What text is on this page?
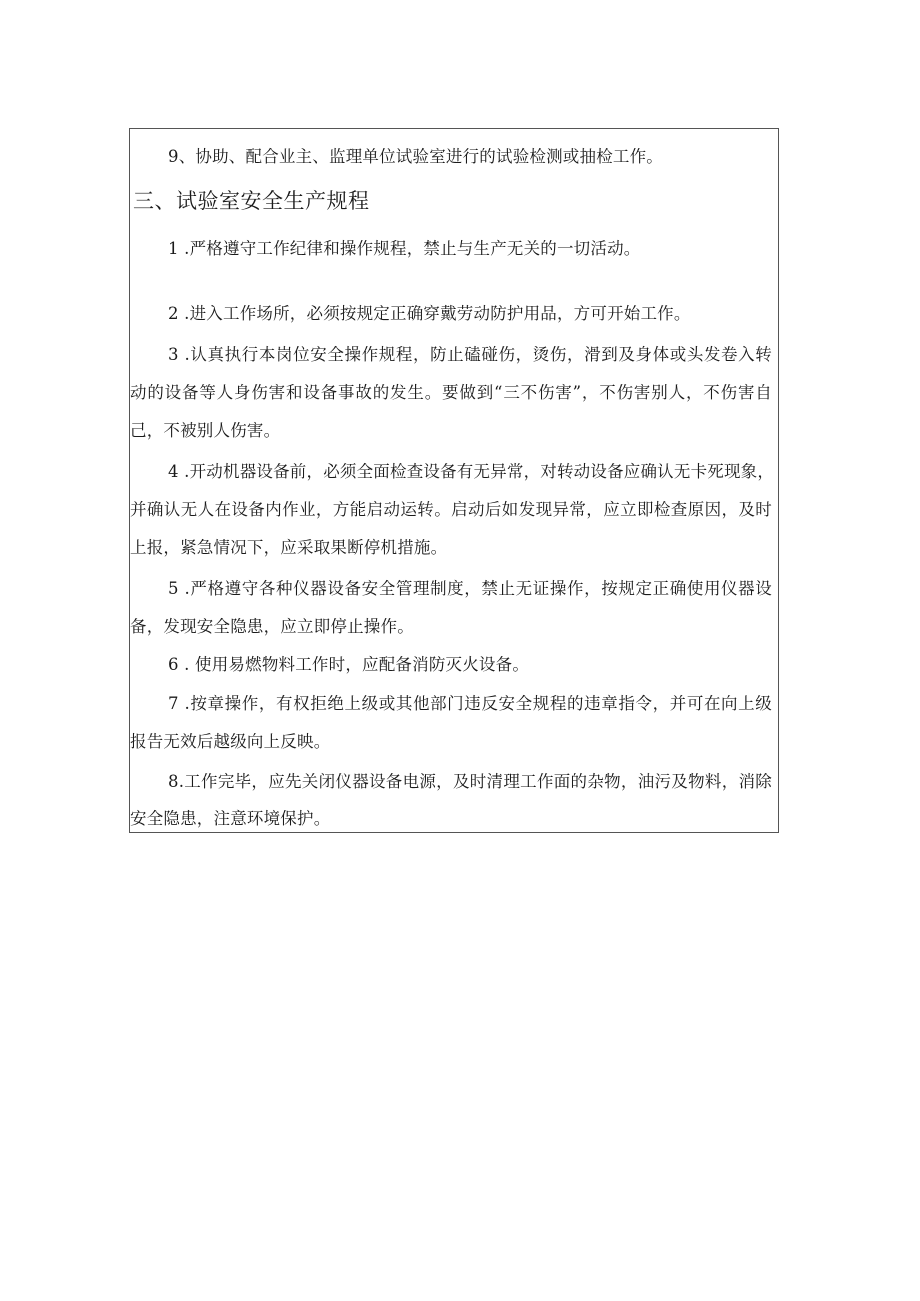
9、协助、配合业主、监理单位试验室进行的试验检测或抽检工作。
三、试验室安全生产规程
1 .严格遵守工作纪律和操作规程，禁止与生产无关的一切活动。
2 .进入工作场所，必须按规定正确穿戴劳动防护用品，方可开始工作。
3 .认真执行本岗位安全操作规程，防止磕碰伤，烫伤，滑到及身体或头发卷入转
动的设备等人身伤害和设备事故的发生。要做到“三不伤害”，不伤害别人，不伤害自
己，不被别人伤害。
4 .开动机器设备前，必须全面检查设备有无异常，对转动设备应确认无卡死现象，
并确认无人在设备内作业，方能启动运转。启动后如发现异常，应立即检查原因，及时
上报，紧急情况下，应采取果断停机措施。
5 .严格遵守各种仪器设备安全管理制度，禁止无证操作，按规定正确使用仪器设
备，发现安全隐患，应立即停止操作。
6 . 使用易燃物料工作时，应配备消防灭火设备。
7 .按章操作，有权拒绝上级或其他部门违反安全规程的违章指令，并可在向上级
报告无效后越级向上反映。
8.工作完毕，应先关闭仪器设备电源，及时清理工作面的杂物，油污及物料，消除
安全隐患，注意环境保护。
